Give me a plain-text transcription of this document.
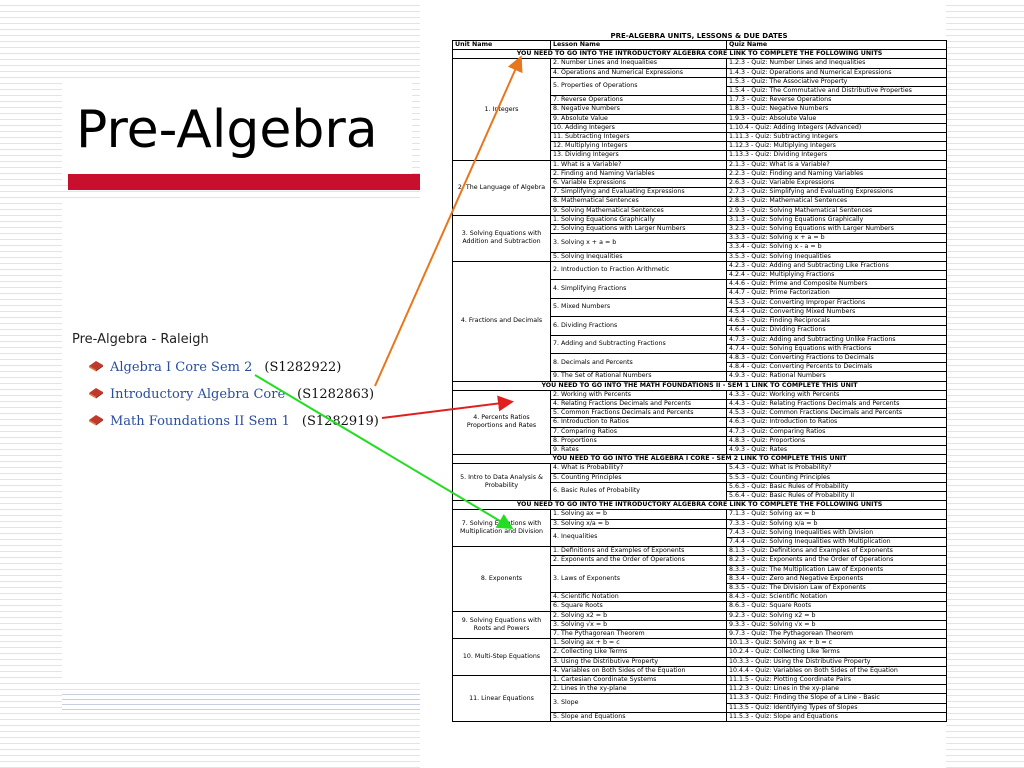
Pre-Algebra
Pre-Algebra - Raleigh
Algebra I Core Sem 2 (S1282922)
Introductory Algebra Core (S1282863)
Math Foundations II Sem 1 (S1282919)
PRE-ALGEBRA UNITS, LESSONS & DUE DATES
Unit Name	Lesson Name	Quiz Name
YOU NEED TO GO INTO THE INTRODUCTORY ALGEBRA CORE LINK TO COMPLETE THE FOLLOWING UNITS		
1. Integers	2. Number Lines and Inequalities	1.2.3 - Quiz: Number Lines and Inequalities
	4. Operations and Numerical Expressions	1.4.3 - Quiz: Operations and Numerical Expressions
	5. Properties of Operations	1.5.3 - Quiz: The Associative Property
		1.5.4 - Quiz: The Commutative and Distributive Properties
	7. Reverse Operations	1.7.3 - Quiz: Reverse Operations
	8. Negative Numbers	1.8.3 - Quiz: Negative Numbers
	9. Absolute Value	1.9.3 - Quiz: Absolute Value
	10. Adding Integers	1.10.4 - Quiz: Adding Integers (Advanced)
	11. Subtracting Integers	1.11.3 - Quiz: Subtracting Integers
	12. Multiplying Integers	1.12.3 - Quiz: Multiplying Integers
	13. Dividing Integers	1.13.3 - Quiz: Dividing Integers
2. The Language of Algebra	1. What is a Variable?	2.1.3 - Quiz: What is a Variable?
	2. Finding and Naming Variables	2.2.3 - Quiz: Finding and Naming Variables
	6. Variable Expressions	2.6.3 - Quiz: Variable Expressions
	7. Simplifying and Evaluating Expressions	2.7.3 - Quiz: Simplifying and Evaluating Expressions
	8. Mathematical Sentences	2.8.3 - Quiz: Mathematical Sentences
	9. Solving Mathematical Sentences	2.9.3 - Quiz: Solving Mathematical Sentences
3. Solving Equations with Addition and Subtraction	1. Solving Equations Graphically	3.1.3 - Quiz: Solving Equations Graphically
	2. Solving Equations with Larger Numbers	3.2.3 - Quiz: Solving Equations with Larger Numbers
	3. Solving x + a = b	3.3.3 - Quiz: Solving x + a = b
		3.3.4 - Quiz: Solving x - a = b
	5. Solving Inequalities	3.5.3 - Quiz: Solving Inequalities
4. Fractions and Decimals	2. Introduction to Fraction Arithmetic	4.2.3 - Quiz: Adding and Subtracting Like Fractions
		4.2.4 - Quiz: Multiplying Fractions
	4. Simplifying Fractions	4.4.6 - Quiz: Prime and Composite Numbers
		4.4.7 - Quiz: Prime Factorization
	5. Mixed Numbers	4.5.3 - Quiz: Converting Improper Fractions
		4.5.4 - Quiz: Converting Mixed Numbers
	6. Dividing Fractions	4.6.3 - Quiz: Finding Reciprocals
		4.6.4 - Quiz: Dividing Fractions
	7. Adding and Subtracting Fractions	4.7.3 - Quiz: Adding and Subtracting Unlike Fractions
		4.7.4 - Quiz: Solving Equations with Fractions
	8. Decimals and Percents	4.8.3 - Quiz: Converting Fractions to Decimals
		4.8.4 - Quiz: Converting Percents to Decimals
	9. The Set of Rational Numbers	4.9.3 - Quiz: Rational Numbers
YOU NEED TO GO INTO THE MATH FOUNDATIONS II - SEM 1 LINK TO COMPLETE THIS UNIT		
4. Percents Ratios Proportions and Rates	2. Working with Percents	4.3.3 - Quiz: Working with Percents
	4. Relating Fractions Decimals and Percents	4.4.3 - Quiz: Relating Fractions Decimals and Percents
	5. Common Fractions Decimals and Percents	4.5.3 - Quiz: Common Fractions Decimals and Percents
	6. Introduction to Ratios	4.6.3 - Quiz: Introduction to Ratios
	7. Comparing Ratios	4.7.3 - Quiz: Comparing Ratios
	8. Proportions	4.8.3 - Quiz: Proportions
	9. Rates	4.9.3 - Quiz: Rates
YOU NEED TO GO INTO THE ALGEBRA I CORE - SEM 2 LINK TO COMPLETE THIS UNIT		
5. Intro to Data Analysis & Probability	4. What is Probability?	5.4.3 - Quiz: What is Probability?
	5. Counting Principles	5.5.3 - Quiz: Counting Principles
	6. Basic Rules of Probability	5.6.3 - Quiz: Basic Rules of Probability
		5.6.4 - Quiz: Basic Rules of Probability II
YOU NEED TO GO INTO THE INTRODUCTORY ALGEBRA CORE LINK TO COMPLETE THE FOLLOWING UNITS		
7. Solving Equations with Multiplication and Division	1. Solving ax = b	7.1.3 - Quiz: Solving ax = b
	3. Solving x/a = b	7.3.3 - Quiz: Solving x/a = b
	4. Inequalities	7.4.3 - Quiz: Solving Inequalities with Division
		7.4.4 - Quiz: Solving Inequalities with Multiplication
8. Exponents	1. Definitions and Examples of Exponents	8.1.3 - Quiz: Definitions and Examples of Exponents
	2. Exponents and the Order of Operations	8.2.3 - Quiz: Exponents and the Order of Operations
	3. Laws of Exponents	8.3.3 - Quiz: The Multiplication Law of Exponents
		8.3.4 - Quiz: Zero and Negative Exponents
		8.3.5 - Quiz: The Division Law of Exponents
	4. Scientific Notation	8.4.3 - Quiz: Scientific Notation
	6. Square Roots	8.6.3 - Quiz: Square Roots
9. Solving Equations with Roots and Powers	2. Solving x2 = b	9.2.3 - Quiz: Solving x2 = b
	3. Solving √x = b	9.3.3 - Quiz: Solving √x = b
	7. The Pythagorean Theorem	9.7.3 - Quiz: The Pythagorean Theorem
10. Multi-Step Equations	1. Solving ax + b = c	10.1.3 - Quiz: Solving ax + b = c
	2. Collecting Like Terms	10.2.4 - Quiz: Collecting Like Terms
	3. Using the Distributive Property	10.3.3 - Quiz: Using the Distributive Property
	4. Variables on Both Sides of the Equation	10.4.4 - Quiz: Variables on Both Sides of the Equation
11. Linear Equations	1. Cartesian Coordinate Systems	11.1.5 - Quiz: Plotting Coordinate Pairs
	2. Lines in the xy-plane	11.2.3 - Quiz: Lines in the xy-plane
	3. Slope	11.3.3 - Quiz: Finding the Slope of a Line - Basic
		11.3.5 - Quiz: Identifying Types of Slopes
	5. Slope and Equations	11.5.3 - Quiz: Slope and Equations
